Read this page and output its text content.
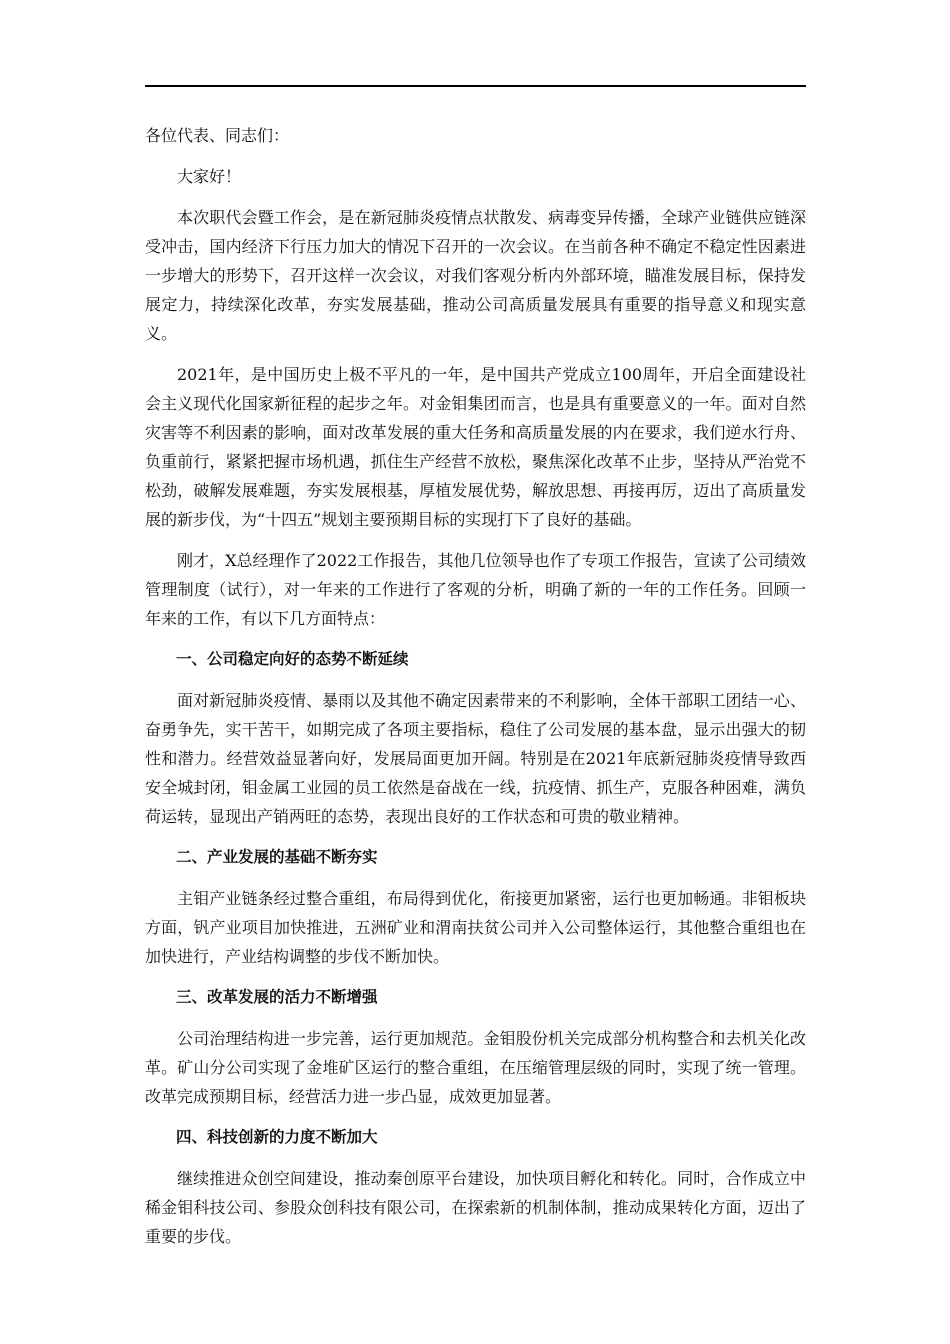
各位代表、同志们：

大家好！

本次职代会暨工作会，是在新冠肺炎疫情点状散发、病毒变异传播，全球产业链供应链深受冲击，国内经济下行压力加大的情况下召开的一次会议。在当前各种不确定不稳定性因素进一步增大的形势下，召开这样一次会议，对我们客观分析内外部环境，瞄准发展目标，保持发展定力，持续深化改革，夯实发展基础，推动公司高质量发展具有重要的指导意义和现实意义。

2021年，是中国历史上极不平凡的一年，是中国共产党成立100周年，开启全面建设社会主义现代化国家新征程的起步之年。对金钼集团而言，也是具有重要意义的一年。面对自然灾害等不利因素的影响，面对改革发展的重大任务和高质量发展的内在要求，我们逆水行舟、负重前行，紧紧把握市场机遇，抓住生产经营不放松，聚焦深化改革不止步，坚持从严治党不松劲，破解发展难题，夯实发展根基，厚植发展优势，解放思想、再接再厉，迈出了高质量发展的新步伐，为“十四五”规划主要预期目标的实现打下了良好的基础。

刚才，X总经理作了2022工作报告，其他几位领导也作了专项工作报告，宣读了公司绩效管理制度（试行），对一年来的工作进行了客观的分析，明确了新的一年的工作任务。回顾一年来的工作，有以下几方面特点：

一、公司稳定向好的态势不断延续

面对新冠肺炎疫情、暴雨以及其他不确定因素带来的不利影响，全体干部职工团结一心、奋勇争先，实干苦干，如期完成了各项主要指标，稳住了公司发展的基本盘，显示出强大的韧性和潜力。经营效益显著向好，发展局面更加开阔。特别是在2021年底新冠肺炎疫情导致西安全城封闭，钼金属工业园的员工依然是奋战在一线，抗疫情、抓生产，克服各种困难，满负荷运转，显现出产销两旺的态势，表现出良好的工作状态和可贵的敬业精神。

二、产业发展的基础不断夯实

主钼产业链条经过整合重组，布局得到优化，衔接更加紧密，运行也更加畅通。非钼板块方面，钒产业项目加快推进，五洲矿业和渭南扶贫公司并入公司整体运行，其他整合重组也在加快进行，产业结构调整的步伐不断加快。

三、改革发展的活力不断增强

公司治理结构进一步完善，运行更加规范。金钼股份机关完成部分机构整合和去机关化改革。矿山分公司实现了金堆矿区运行的整合重组，在压缩管理层级的同时，实现了统一管理。改革完成预期目标，经营活力进一步凸显，成效更加显著。

四、科技创新的力度不断加大

继续推进众创空间建设，推动秦创原平台建设，加快项目孵化和转化。同时，合作成立中稀金钼科技公司、参股众创科技有限公司，在探索新的机制体制，推动成果转化方面，迈出了重要的步伐。
